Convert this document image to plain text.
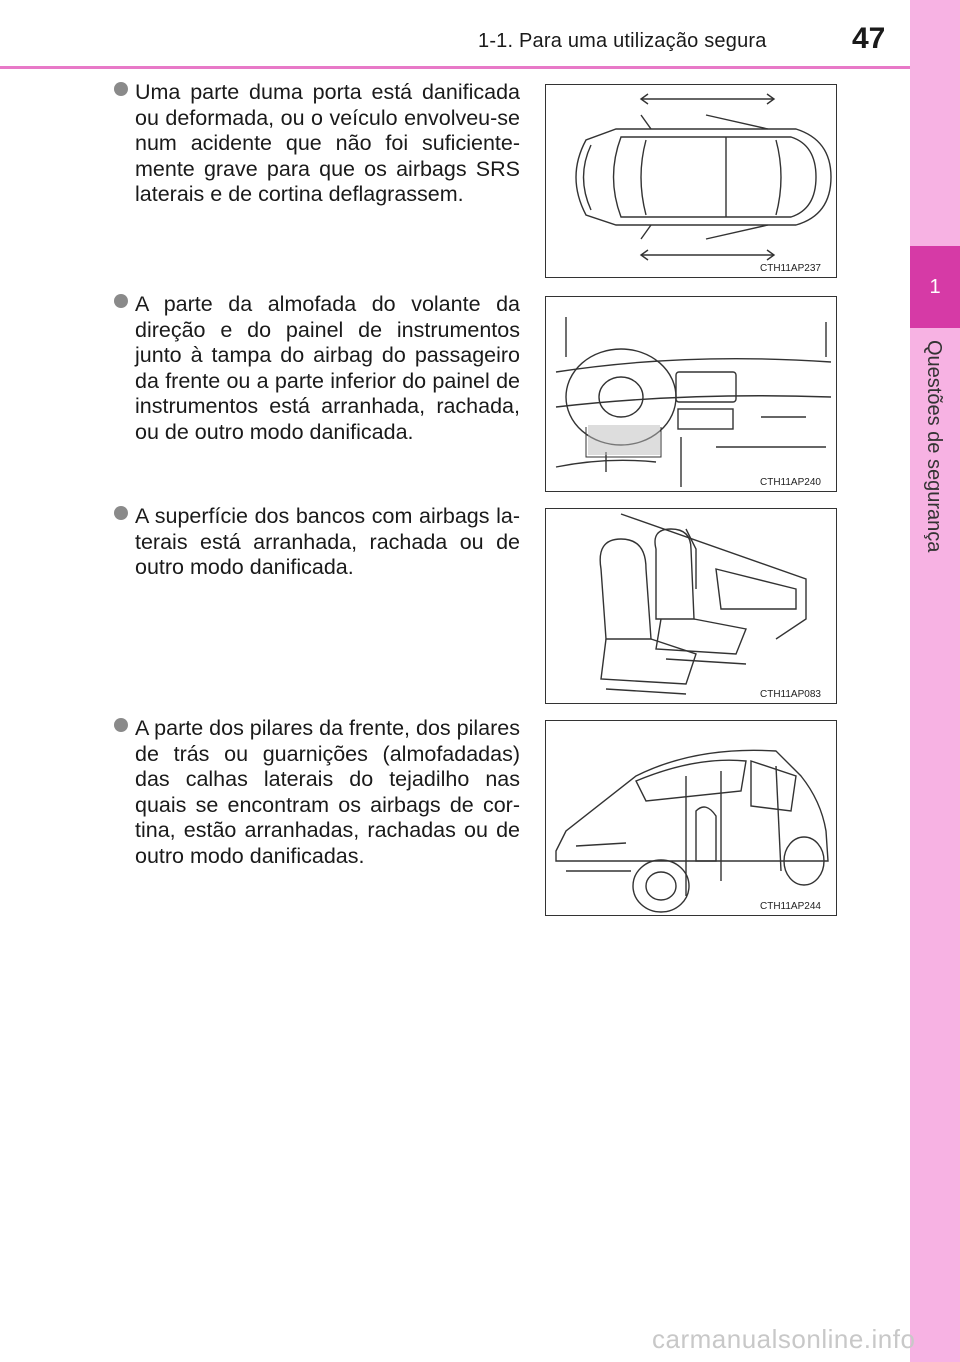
1-1. Para uma utilização segura	47
1
Questões de segurança
Uma parte duma porta está danificada ou deformada, ou o veículo envolveu-se num acidente que não foi suficiente-mente grave para que os airbags SRS laterais e de cortina deflagrassem.
CTH11AP237
A parte da almofada do volante da direção e do painel de instrumentos junto à tampa do airbag do passageiro da frente ou a parte inferior do painel de instrumentos está arranhada, rachada, ou de outro modo danificada.
CTH11AP240
A superfície dos bancos com airbags la-terais está arranhada, rachada ou de outro modo danificada.
CTH11AP083
A parte dos pilares da frente, dos pilares de trás ou guarnições (almofadadas) das calhas laterais do tejadilho nas quais se encontram os airbags de cor-tina, estão arranhadas, rachadas ou de outro modo danificadas.
CTH11AP244
carmanualsonline.info
